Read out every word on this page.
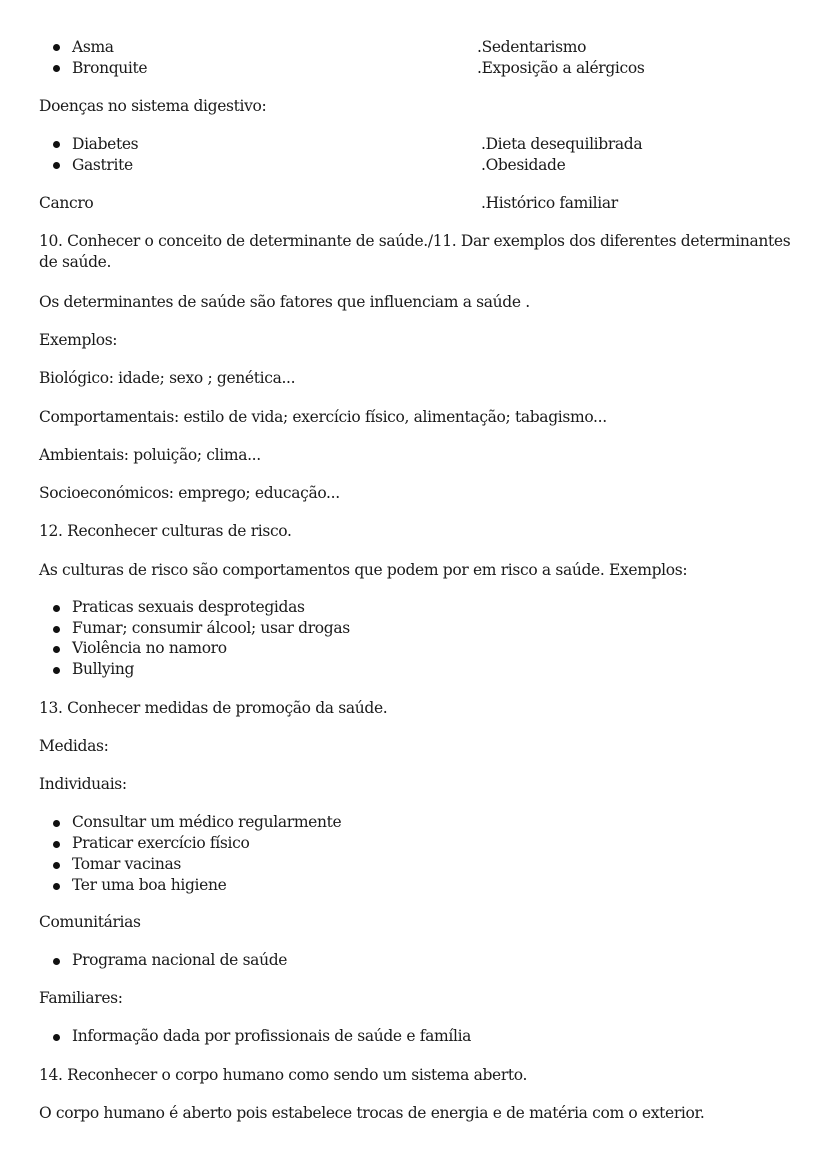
Asma
Bronquite
.Sedentarismo
.Exposição a alérgicos
Doenças no sistema digestivo:
Diabetes
Gastrite
.Dieta desequilibrada
.Obesidade
Cancro	.Histórico familiar
10. Conhecer o conceito de determinante de saúde./11. Dar exemplos dos diferentes determinantes de saúde.
Os determinantes de saúde são fatores que influenciam a saúde .
Exemplos:
Biológico: idade; sexo ; genética...
Comportamentais: estilo de vida; exercício físico, alimentação; tabagismo...
Ambientais: poluição; clima...
Socioeconómicos: emprego; educação...
12. Reconhecer culturas de risco.
As culturas de risco são comportamentos que podem por em risco a saúde. Exemplos:
Praticas sexuais desprotegidas
Fumar; consumir álcool; usar drogas
Violência no namoro
Bullying
13. Conhecer medidas de promoção da saúde.
Medidas:
Individuais:
Consultar um médico regularmente
Praticar exercício físico
Tomar vacinas
Ter uma boa higiene
Comunitárias
Programa nacional de saúde
Familiares:
Informação dada por profissionais de saúde e família
14. Reconhecer o corpo humano como sendo um sistema aberto.
O corpo humano é aberto pois estabelece trocas de energia e de matéria com o exterior.
